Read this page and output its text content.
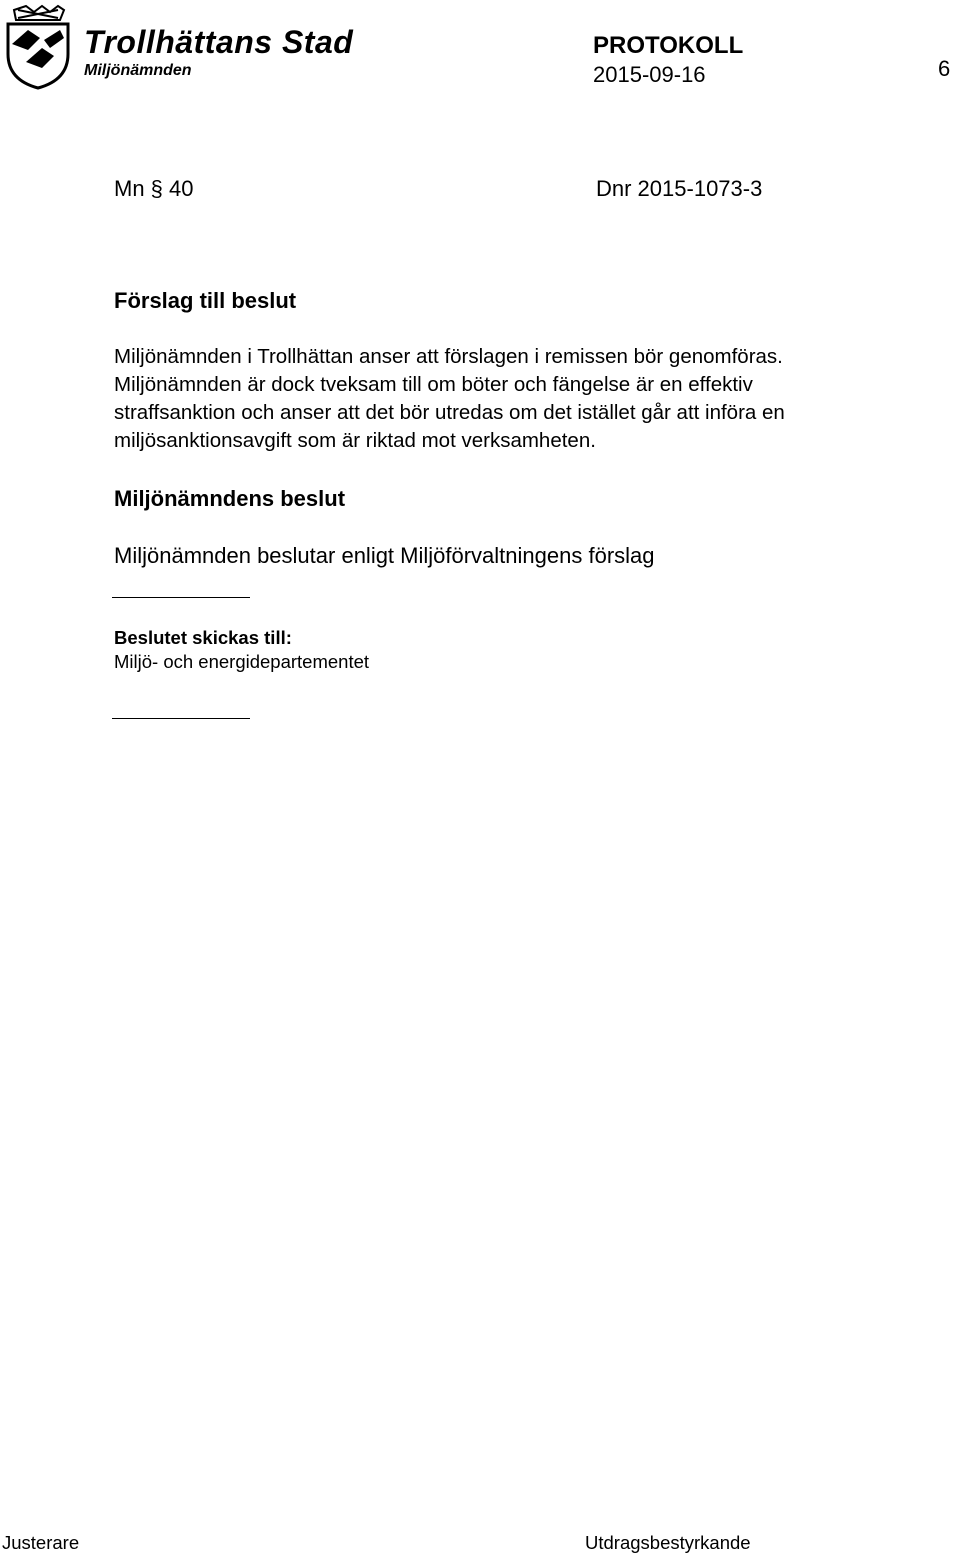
Trollhättans Stad
Miljönämnden
PROTOKOLL
2015-09-16	6
Mn § 40	Dnr 2015-1073-3
Förslag till beslut

Miljönämnden i Trollhättan anser att förslagen i remissen bör genomföras.
Miljönämnden är dock tveksam till om böter och fängelse är en effektiv
straffsanktion och anser att det bör utredas om det istället går att införa en
miljösanktionsavgift som är riktad mot verksamheten.

Miljönämndens beslut
Miljönämnden beslutar enligt Miljöförvaltningens förslag
Beslutet skickas till:
Miljö- och energidepartementet
Justerare	Utdragsbestyrkande
